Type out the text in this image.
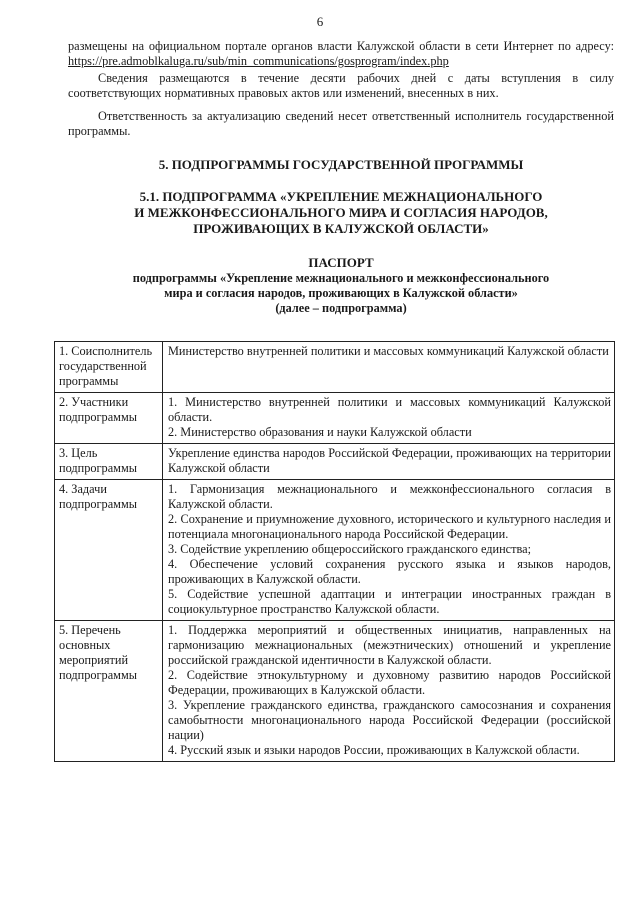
6

размещены на официальном портале органов власти Калужской области в сети Интернет по адресу: https://pre.admoblkaluga.ru/sub/min_communications/gosprogram/index.php

Сведения размещаются в течение десяти рабочих дней с даты вступления в силу соответствующих нормативных правовых актов или изменений, внесенных в них.

Ответственность за актуализацию сведений несет ответственный исполнитель государственной программы.

5. ПОДПРОГРАММЫ ГОСУДАРСТВЕННОЙ ПРОГРАММЫ

5.1. ПОДПРОГРАММА «УКРЕПЛЕНИЕ МЕЖНАЦИОНАЛЬНОГО
И МЕЖКОНФЕССИОНАЛЬНОГО МИРА И СОГЛАСИЯ НАРОДОВ,
ПРОЖИВАЮЩИХ В КАЛУЖСКОЙ ОБЛАСТИ»

ПАСПОРТ

подпрограммы «Укрепление межнационального и межконфессионального
мира и согласия народов, проживающих в Калужской области»
(далее – подпрограмма)
1. Соисполнитель государственной программы	Министерство внутренней политики и массовых коммуникаций Калужской области

2. Участники подпрограммы	1. Министерство внутренней политики и массовых коммуникаций Калужской области.
2. Министерство образования и науки Калужской области

3. Цель подпрограммы	Укрепление единства народов Российской Федерации, проживающих на территории Калужской области

4. Задачи подпрограммы	1. Гармонизация межнационального и межконфессионального согласия в Калужской области.
2. Сохранение и приумножение духовного, исторического и культурного наследия и потенциала многонационального народа Российской Федерации.
3. Содействие укреплению общероссийского гражданского единства;
4. Обеспечение условий сохранения русского языка и языков народов, проживающих в Калужской области.
5. Содействие успешной адаптации и интеграции иностранных граждан в социокультурное пространство Калужской области.

5. Перечень основных мероприятий подпрограммы	1. Поддержка мероприятий и общественных инициатив, направленных на гармонизацию межнациональных (межэтнических) отношений и укрепление российской гражданской идентичности в Калужской области.
2. Содействие этнокультурному и духовному развитию народов Российской Федерации, проживающих в Калужской области.
3. Укрепление гражданского единства, гражданского самосознания и сохранения самобытности многонационального народа Российской Федерации (российской нации)
4. Русский язык и языки народов России, проживающих в Калужской области.
